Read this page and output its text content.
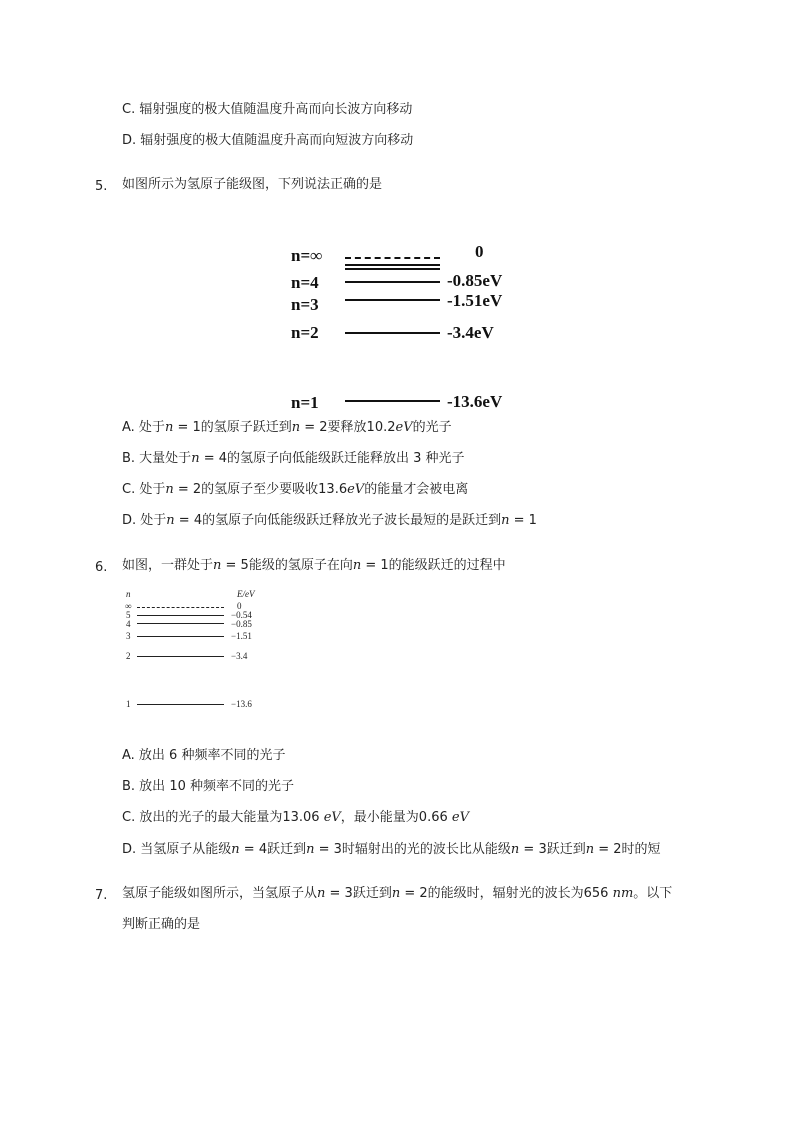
C. 辐射强度的极大值随温度升高而向长波方向移动
D. 辐射强度的极大值随温度升高而向短波方向移动
5. 如图所示为氢原子能级图，下列说法正确的是
n=∞	0
n=4	-0.85eV
n=3	-1.51eV
n=2	-3.4eV
n=1	-13.6eV
A. 处于n = 1的氢原子跃迁到n = 2要释放10.2eV的光子
B. 大量处于n = 4的氢原子向低能级跃迁能释放出 3 种光子
C. 处于n = 2的氢原子至少要吸收13.6eV的能量才会被电离
D. 处于n = 4的氢原子向低能级跃迁释放光子波长最短的是跃迁到n = 1
6. 如图，一群处于n = 5能级的氢原子在向n = 1的能级跃迁的过程中
n	E/eV
∞	0
5	−0.54
4	−0.85
3	−1.51
2	−3.4
1	−13.6
A. 放出 6 种频率不同的光子
B. 放出 10 种频率不同的光子
C. 放出的光子的最大能量为13.06 eV，最小能量为0.66 eV
D. 当氢原子从能级n = 4跃迁到n = 3时辐射出的光的波长比从能级n = 3跃迁到n = 2时的短
7. 氢原子能级如图所示，当氢原子从n = 3跃迁到n = 2的能级时，辐射光的波长为656 nm。以下
判断正确的是
